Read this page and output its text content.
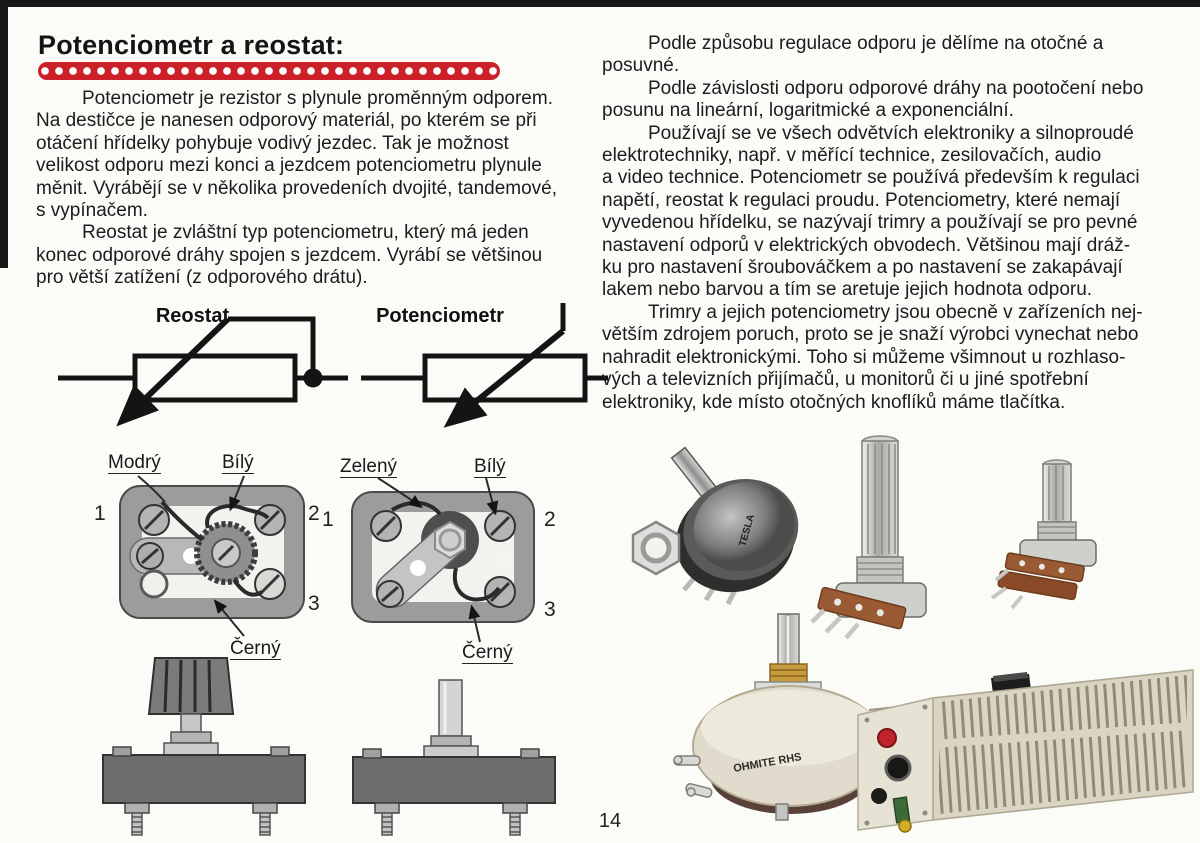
Potenciometr a reostat:
Potenciometr je rezistor s plynule proměnným odporem.
Na destičce je nanesen odporový materiál, po kterém se při
otáčení hřídelky pohybuje vodivý jezdec. Tak je možnost
velikost odporu mezi konci a jezdcem potenciometru plynule
měnit. Vyrábějí se v několika provedeních dvojité, tandemové,
s vypínačem.
Reostat je zvláštní typ potenciometru, který má jeden
konec odporové dráhy spojen s jezdcem. Vyrábí se většinou
pro větší zatížení (z odporového drátu).
Reostat	Potenciometr
Modrý	Bílý
1	2
3
Černý
Zelený	Bílý
1	2
3
Černý
Podle způsobu regulace odporu je dělíme na otočné a
posuvné.
Podle závislosti odporu odporové dráhy na pootočení nebo
posunu na lineární, logaritmické a exponenciální.
Používají se ve všech odvětvích elektroniky a silnoproudé
elektrotechniky, např. v měřící technice, zesilovačích, audio
a video technice. Potenciometr se používá především k regulaci
napětí, reostat k regulaci proudu. Potenciometry, které nemají
vyvedenou hřídelku, se nazývají trimry a používají se pro pevné
nastavení odporů v elektrických obvodech. Většinou mají dráž-
ku pro nastavení šroubováčkem a po nastavení se zakapávají
lakem nebo barvou a tím se aretuje jejich hodnota odporu.
Trimry a jejich potenciometry jsou obecně v zařízeních nej-
větším zdrojem poruch, proto se je snaží výrobci vynechat nebo
nahradit elektronickými. Toho si můžeme všimnout u rozhlaso-
vých a televizních přijímačů, u monitorů či u jiné spotřební
elektroniky, kde místo otočných knoflíků máme tlačítka.
TESLA
OHMITE RHS
14
